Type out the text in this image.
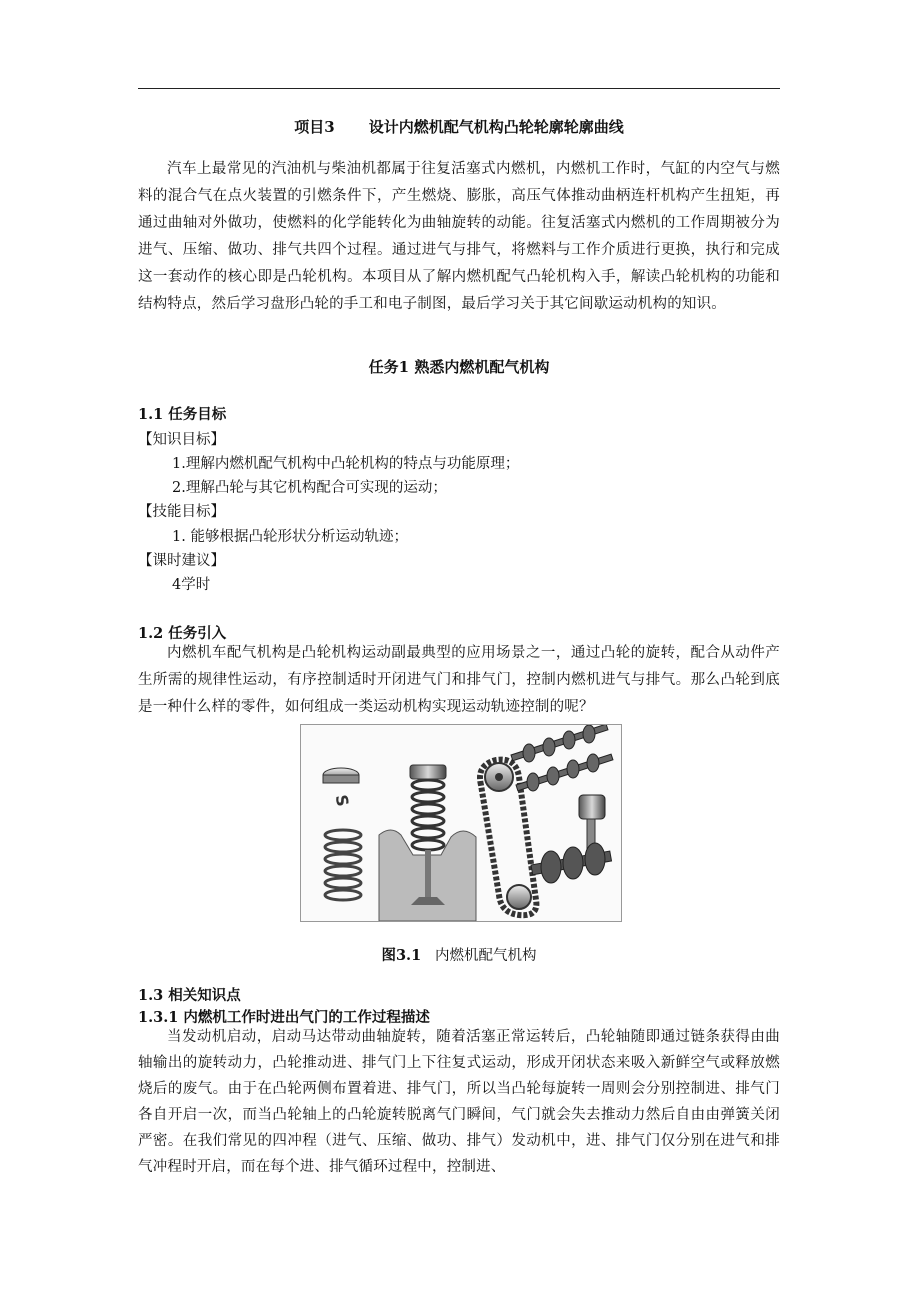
项目3 设计内燃机配气机构凸轮轮廓轮廓曲线

汽车上最常见的汽油机与柴油机都属于往复活塞式内燃机，内燃机工作时，气缸的内空气与燃料的混合气在点火装置的引燃条件下，产生燃烧、膨胀，高压气体推动曲柄连杆机构产生扭矩，再通过曲轴对外做功，使燃料的化学能转化为曲轴旋转的动能。往复活塞式内燃机的工作周期被分为进气、压缩、做功、排气共四个过程。通过进气与排气，将燃料与工作介质进行更换，执行和完成这一套动作的核心即是凸轮机构。本项目从了解内燃机配气凸轮机构入手，解读凸轮机构的功能和结构特点，然后学习盘形凸轮的手工和电子制图，最后学习关于其它间歇运动机构的知识。

任务1 熟悉内燃机配气机构
1.1 任务目标
【知识目标】
1.理解内燃机配气机构中凸轮机构的特点与功能原理；
2.理解凸轮与其它机构配合可实现的运动；
【技能目标】
1. 能够根据凸轮形状分析运动轨迹；
【课时建议】
4学时
1.2 任务引入

内燃机车配气机构是凸轮机构运动副最典型的应用场景之一，通过凸轮的旋转，配合从动件产生所需的规律性运动，有序控制适时开闭进气门和排气门，控制内燃机进气与排气。那么凸轮到底是一种什么样的零件，如何组成一类运动机构实现运动轨迹控制的呢？

S
图3.1 内燃机配气机构
1.3 相关知识点
1.3.1 内燃机工作时进出气门的工作过程描述

当发动机启动，启动马达带动曲轴旋转，随着活塞正常运转后，凸轮轴随即通过链条获得由曲轴输出的旋转动力，凸轮推动进、排气门上下往复式运动，形成开闭状态来吸入新鲜空气或释放燃烧后的废气。由于在凸轮两侧布置着进、排气门，所以当凸轮每旋转一周则会分别控制进、排气门各自开启一次，而当凸轮轴上的凸轮旋转脱离气门瞬间，气门就会失去推动力然后自由由弹簧关闭严密。在我们常见的四冲程（进气、压缩、做功、排气）发动机中，进、排气门仅分别在进气和排气冲程时开启，而在每个进、排气循环过程中，控制进、
